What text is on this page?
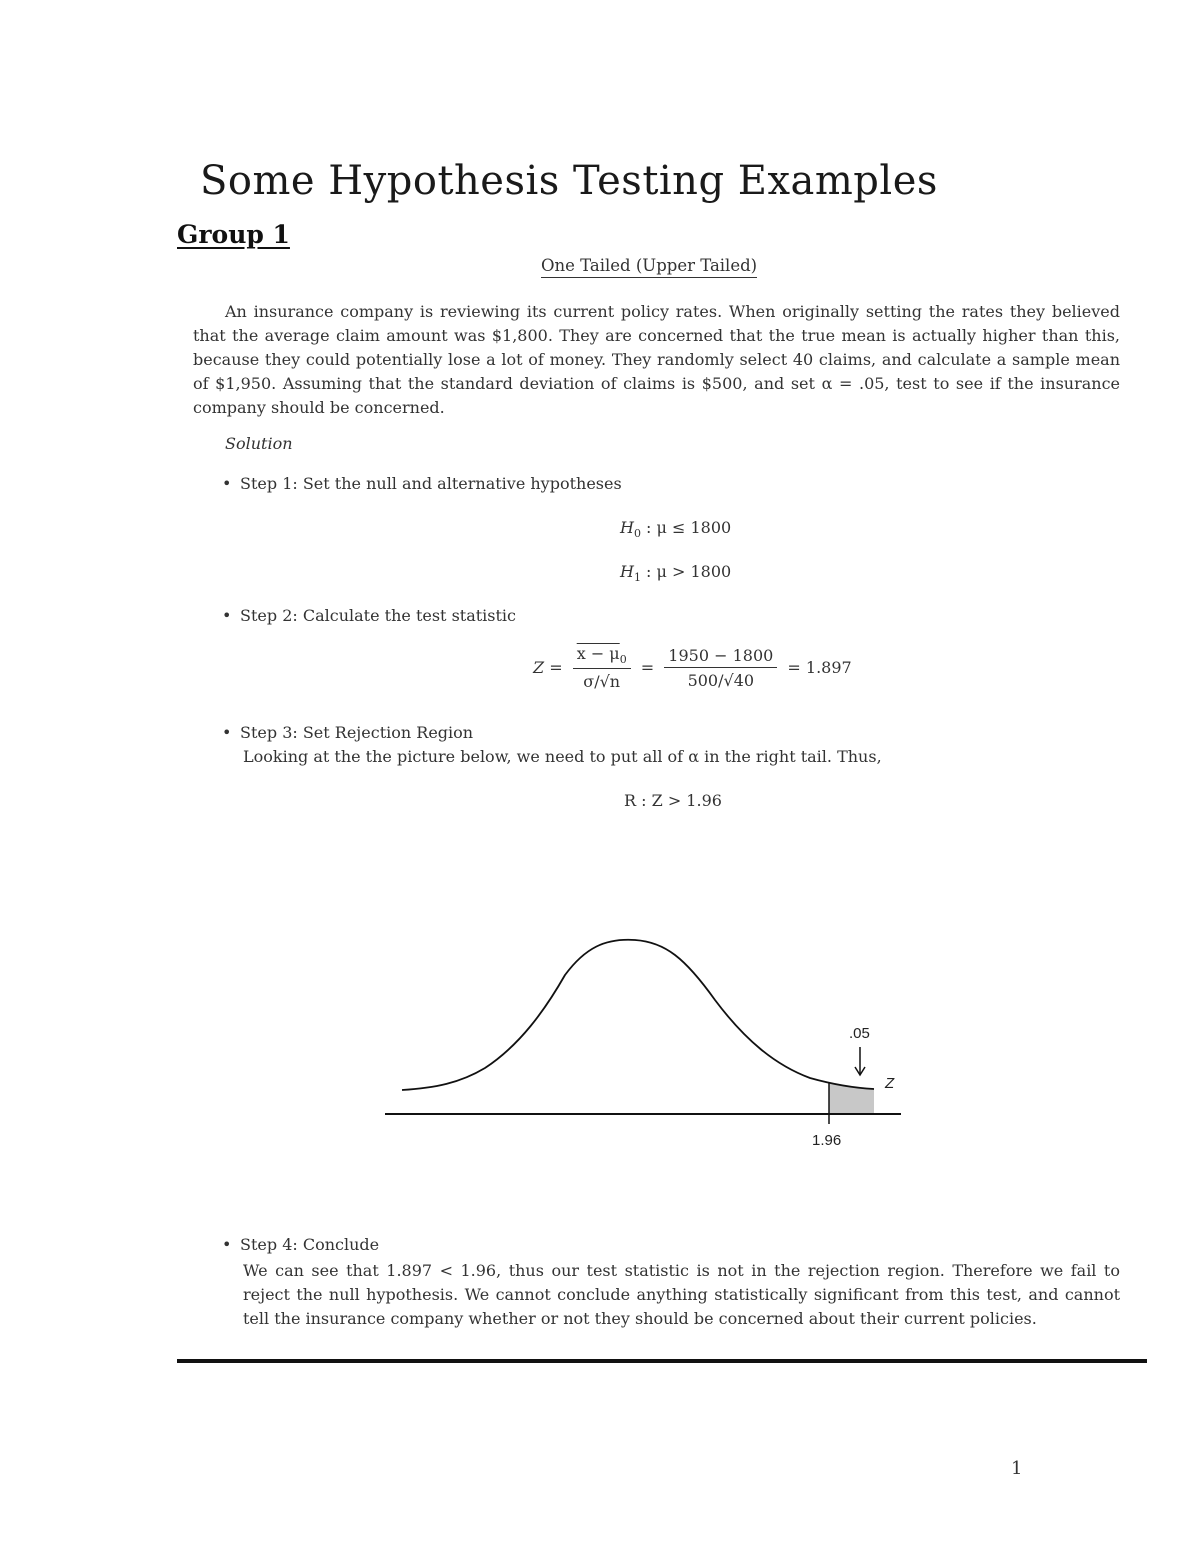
Some Hypothesis Testing Examples
Group 1
One Tailed (Upper Tailed)
An insurance company is reviewing its current policy rates. When originally setting the rates they believed that the average claim amount was $1,800. They are concerned that the true mean is actually higher than this, because they could potentially lose a lot of money. They randomly select 40 claims, and calculate a sample mean of $1,950. Assuming that the standard deviation of claims is $500, and set α = .05, test to see if the insurance company should be concerned.
Solution
• Step 1: Set the null and alternative hypotheses
$H_0$ : μ ≤ 1800
$H_1$ : μ > 1800
• Step 2: Calculate the test statistic
$Z = \frac{x - \mu_0}{\sigma/√n} = \frac{1950 - 1800}{500/√40} = 1.897$
• Step 3: Set Rejection Region
Looking at the the picture below, we need to put all of α in the right tail. Thus,
R : Z > 1.96
.05
Z
1.96
• Step 4: Conclude
We can see that 1.897 < 1.96, thus our test statistic is not in the rejection region. Therefore we fail to reject the null hypothesis. We cannot conclude anything statistically significant from this test, and cannot tell the insurance company whether or not they should be concerned about their current policies.
1
